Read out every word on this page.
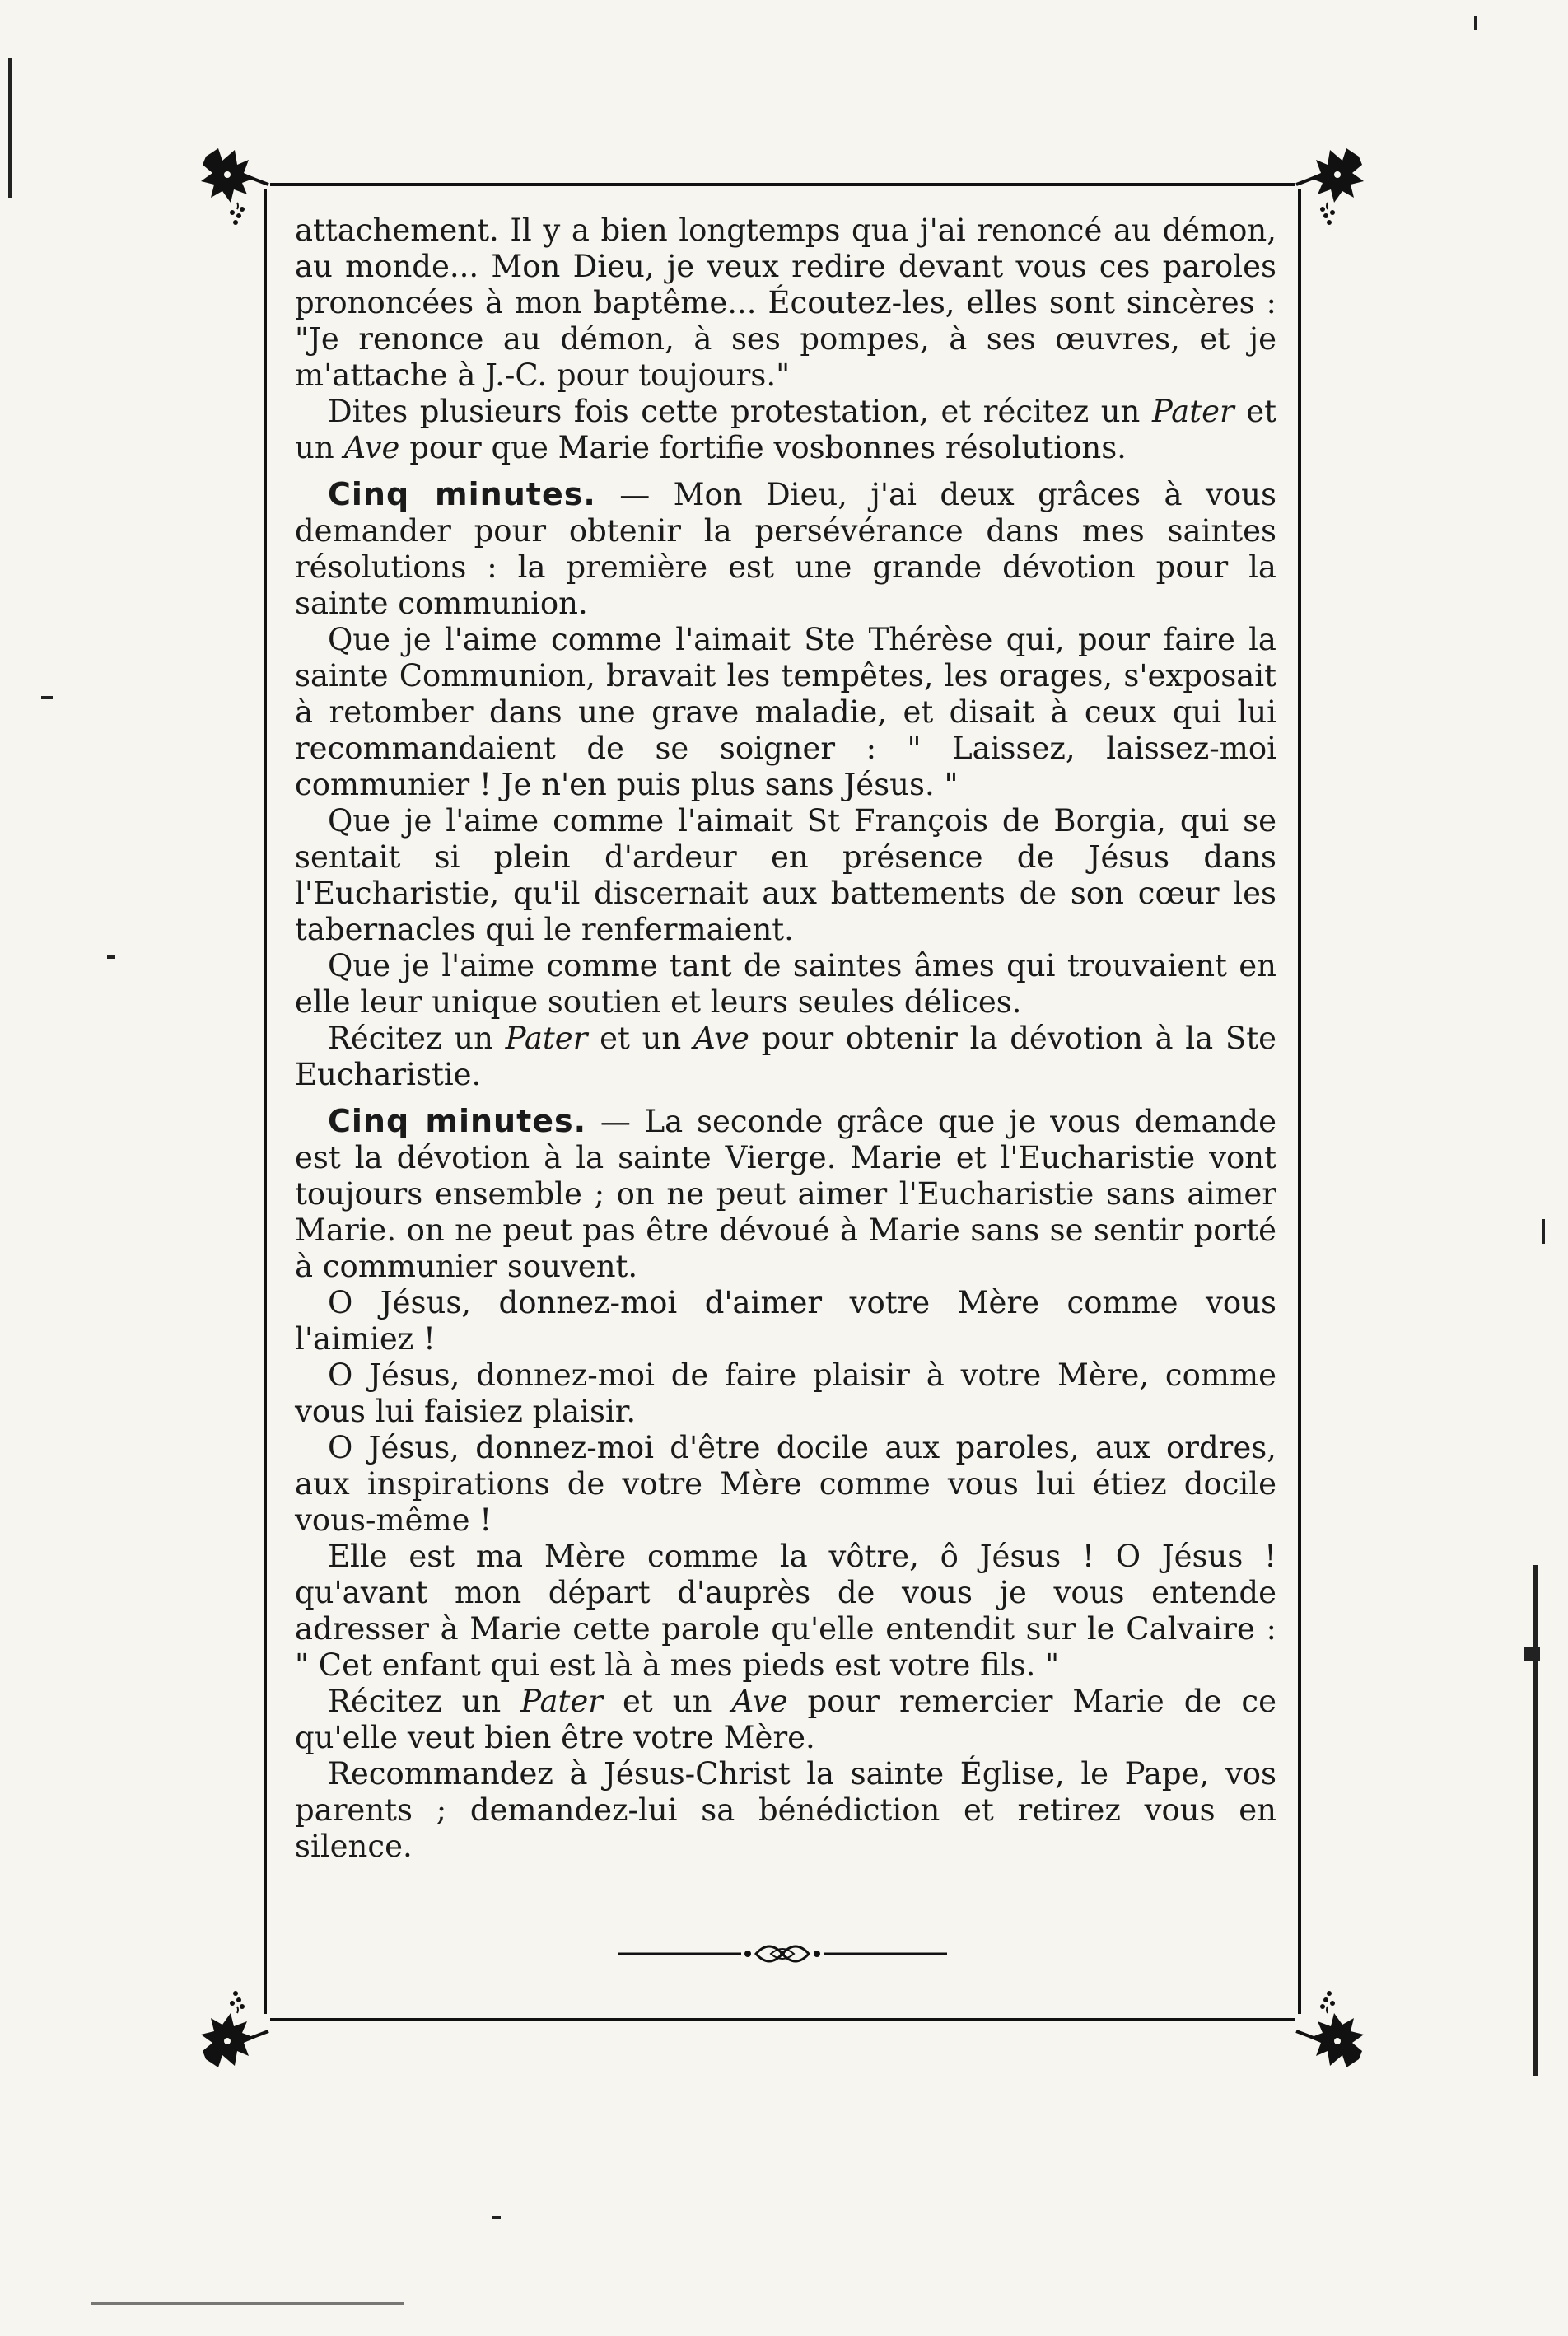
attachement. Il y a bien longtemps qua j'ai renoncé au démon, au monde... Mon Dieu, je veux redire devant vous ces paroles prononcées à mon baptême... Écoutez-les, elles sont sincères : "Je renonce au démon, à ses pompes, à ses œuvres, et je m'attache à J.-C. pour toujours."

Dites plusieurs fois cette protestation, et récitez un Pater et un Ave pour que Marie fortifie vosbonnes résolutions.

Cinq minutes. — Mon Dieu, j'ai deux grâces à vous demander pour obtenir la persévérance dans mes saintes résolutions : la première est une grande dévotion pour la sainte communion.

Que je l'aime comme l'aimait Ste Thérèse qui, pour faire la sainte Communion, bravait les tempêtes, les orages, s'exposait à retomber dans une grave maladie, et disait à ceux qui lui recommandaient de se soigner : " Laissez, laissez-moi communier ! Je n'en puis plus sans Jésus. "

Que je l'aime comme l'aimait St François de Borgia, qui se sentait si plein d'ardeur en présence de Jésus dans l'Eucharistie, qu'il discernait aux battements de son cœur les tabernacles qui le renfermaient.

Que je l'aime comme tant de saintes âmes qui trouvaient en elle leur unique soutien et leurs seules délices.

Récitez un Pater et un Ave pour obtenir la dévotion à la Ste Eucharistie.

Cinq minutes. — La seconde grâce que je vous demande est la dévotion à la sainte Vierge. Marie et l'Eucharistie vont toujours ensemble ; on ne peut aimer l'Eucharistie sans aimer Marie. on ne peut pas être dévoué à Marie sans se sentir porté à communier souvent.

O Jésus, donnez-moi d'aimer votre Mère comme vous l'aimiez !

O Jésus, donnez-moi de faire plaisir à votre Mère, comme vous lui faisiez plaisir.

O Jésus, donnez-moi d'être docile aux paroles, aux ordres, aux inspirations de votre Mère comme vous lui étiez docile vous-même !

Elle est ma Mère comme la vôtre, ô Jésus ! O Jésus ! qu'avant mon départ d'auprès de vous je vous entende adresser à Marie cette parole qu'elle entendit sur le Calvaire : " Cet enfant qui est là à mes pieds est votre fils. "

Récitez un Pater et un Ave pour remercier Marie de ce qu'elle veut bien être votre Mère.

Recommandez à Jésus-Christ la sainte Église, le Pape, vos parents ; demandez-lui sa bénédiction et retirez vous en silence.
